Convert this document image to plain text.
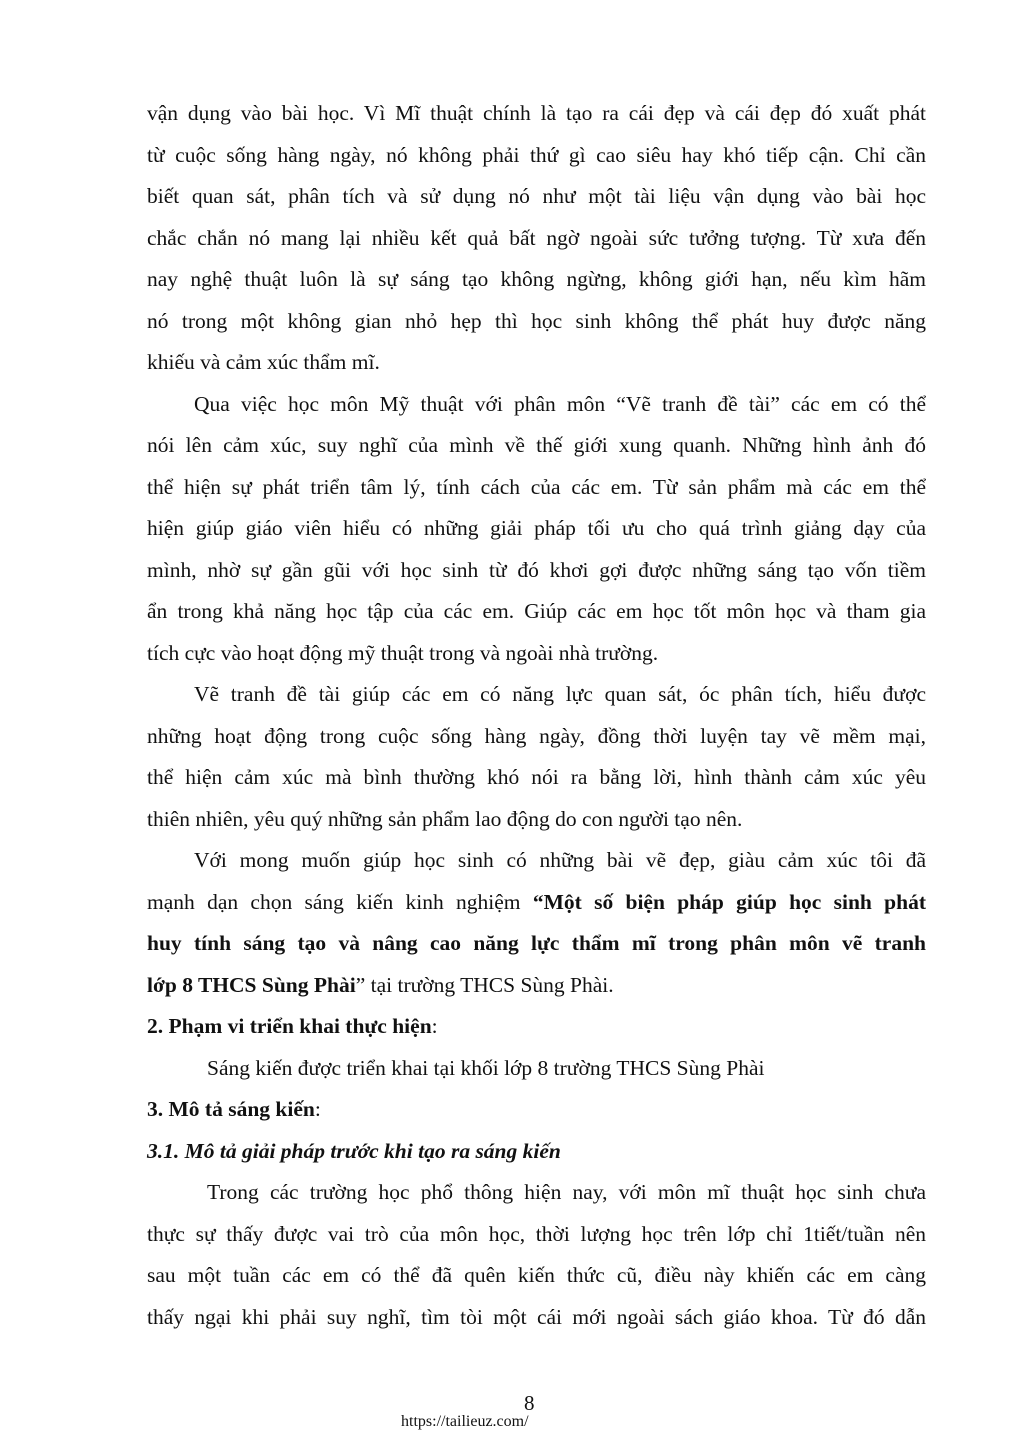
vận dụng vào bài học. Vì Mĩ thuật chính là tạo ra cái đẹp và cái đẹp đó xuất phát
từ cuộc sống hàng ngày, nó không phải thứ gì cao siêu hay khó tiếp cận. Chỉ cần
biết quan sát, phân tích và sử dụng nó như một tài liệu vận dụng vào bài học
chắc chắn nó mang lại nhiều kết quả bất ngờ ngoài sức tưởng tượng. Từ xưa đến
nay nghệ thuật luôn là sự sáng tạo không ngừng, không giới hạn, nếu kìm hãm
nó trong một không gian nhỏ hẹp thì học sinh không thể phát huy được năng
khiếu và cảm xúc thẩm mĩ.
Qua việc học môn Mỹ thuật với phân môn “Vẽ tranh đề tài” các em có thể
nói lên cảm xúc, suy nghĩ của mình về thế giới xung quanh. Những hình ảnh đó
thể hiện sự phát triển tâm lý, tính cách của các em. Từ sản phẩm mà các em thể
hiện giúp giáo viên hiểu có những giải pháp tối ưu cho quá trình giảng dạy của
mình, nhờ sự gần gũi với học sinh từ đó khơi gợi được những sáng tạo vốn tiềm
ẩn trong khả năng học tập của các em. Giúp các em học tốt môn học và tham gia
tích cực vào hoạt động mỹ thuật trong và ngoài nhà trường.
Vẽ tranh đề tài giúp các em có năng lực quan sát, óc phân tích, hiểu được
những hoạt động trong cuộc sống hàng ngày, đồng thời luyện tay vẽ mềm mại,
thể hiện cảm xúc mà bình thường khó nói ra bằng lời, hình thành cảm xúc yêu
thiên nhiên, yêu quý những sản phẩm lao động do con người tạo nên.
Với mong muốn giúp học sinh có những bài vẽ đẹp, giàu cảm xúc tôi đã
mạnh dạn chọn sáng kiến kinh nghiệm “Một số biện pháp giúp học sinh phát
huy tính sáng tạo và nâng cao năng lực thẩm mĩ trong phân môn vẽ tranh
lớp 8 THCS Sùng Phài” tại trường THCS Sùng Phài.
2. Phạm vi triển khai thực hiện:
Sáng kiến được triển khai tại khối lớp 8 trường THCS Sùng Phài
3. Mô tả sáng kiến:
3.1. Mô tả giải pháp trước khi tạo ra sáng kiến
Trong các trường học phổ thông hiện nay, với môn mĩ thuật học sinh chưa
thực sự thấy được vai trò của môn học, thời lượng học trên lớp chỉ 1tiết/tuần nên
sau một tuần các em có thể đã quên kiến thức cũ, điều này khiến các em càng
thấy ngại khi phải suy nghĩ, tìm tòi một cái mới ngoài sách giáo khoa. Từ đó dẫn
8
https://tailieuz.com/
